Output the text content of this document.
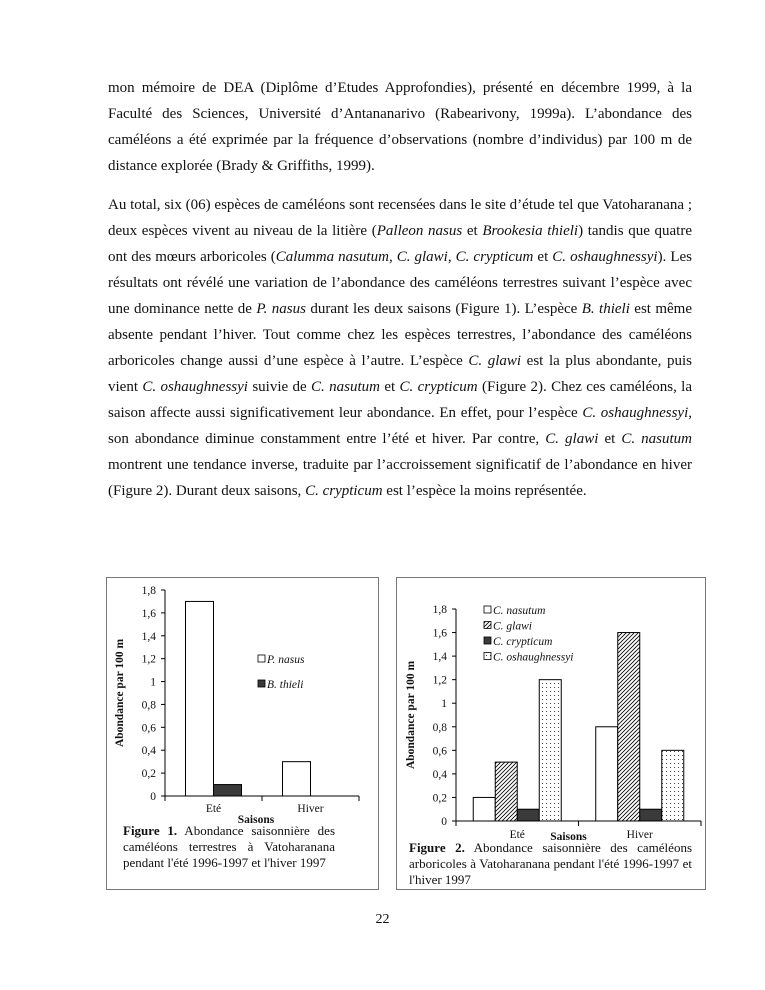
mon mémoire de DEA (Diplôme d’Etudes Approfondies), présenté en décembre 1999, à la Faculté des Sciences, Université d’Antananarivo (Rabearivony, 1999a). L’abondance des caméléons a été exprimée par la fréquence d’observations (nombre d’individus) par 100 m de distance explorée (Brady & Griffiths, 1999).

Au total, six (06) espèces de caméléons sont recensées dans le site d’étude tel que Vatoharanana ; deux espèces vivent au niveau de la litière (Palleon nasus et Brookesia thieli) tandis que quatre ont des mœurs arboricoles (Calumma nasutum, C. glawi, C. crypticum et C. oshaughnessyi). Les résultats ont révélé une variation de l’abondance des caméléons terrestres suivant l’espèce avec une dominance nette de P. nasus durant les deux saisons (Figure 1). L’espèce B. thieli est même absente pendant l’hiver. Tout comme chez les espèces terrestres, l’abondance des caméléons arboricoles change aussi d’une espèce à l’autre. L’espèce C. glawi est la plus abondante, puis vient C. oshaughnessyi suivie de C. nasutum et C. crypticum (Figure 2). Chez ces caméléons, la saison affecte aussi significativement leur abondance. En effet, pour l’espèce C. oshaughnessyi, son abondance diminue constamment entre l’été et hiver. Par contre, C. glawi et C. nasutum montrent une tendance inverse, traduite par l’accroissement significatif de l’abondance en hiver (Figure 2). Durant deux saisons, C. crypticum est l’espèce la moins représentée.

0
0,2
0,4
0,6
0,8
1
1,2
1,4
1,6
1,8
Eté	Hiver
Saisons
Abondance par 100 m	P. nasus
B. thieli
Figure 1. Abondance saisonnière des caméléons terrestres à Vatoharanana pendant l'été 1996-1997 et l'hiver 1997
0
0,2
0,4
0,6
0,8
1
1,2
1,4
1,6
1,8
Eté	Hiver
Saisons
Abondance par 100 m
C. nasutum
C. glawi
C. crypticum
C. oshaughnessyi
Figure 2. Abondance saisonnière des caméléons arboricoles à Vatoharanana pendant l'été 1996-1997 et l'hiver 1997
22
